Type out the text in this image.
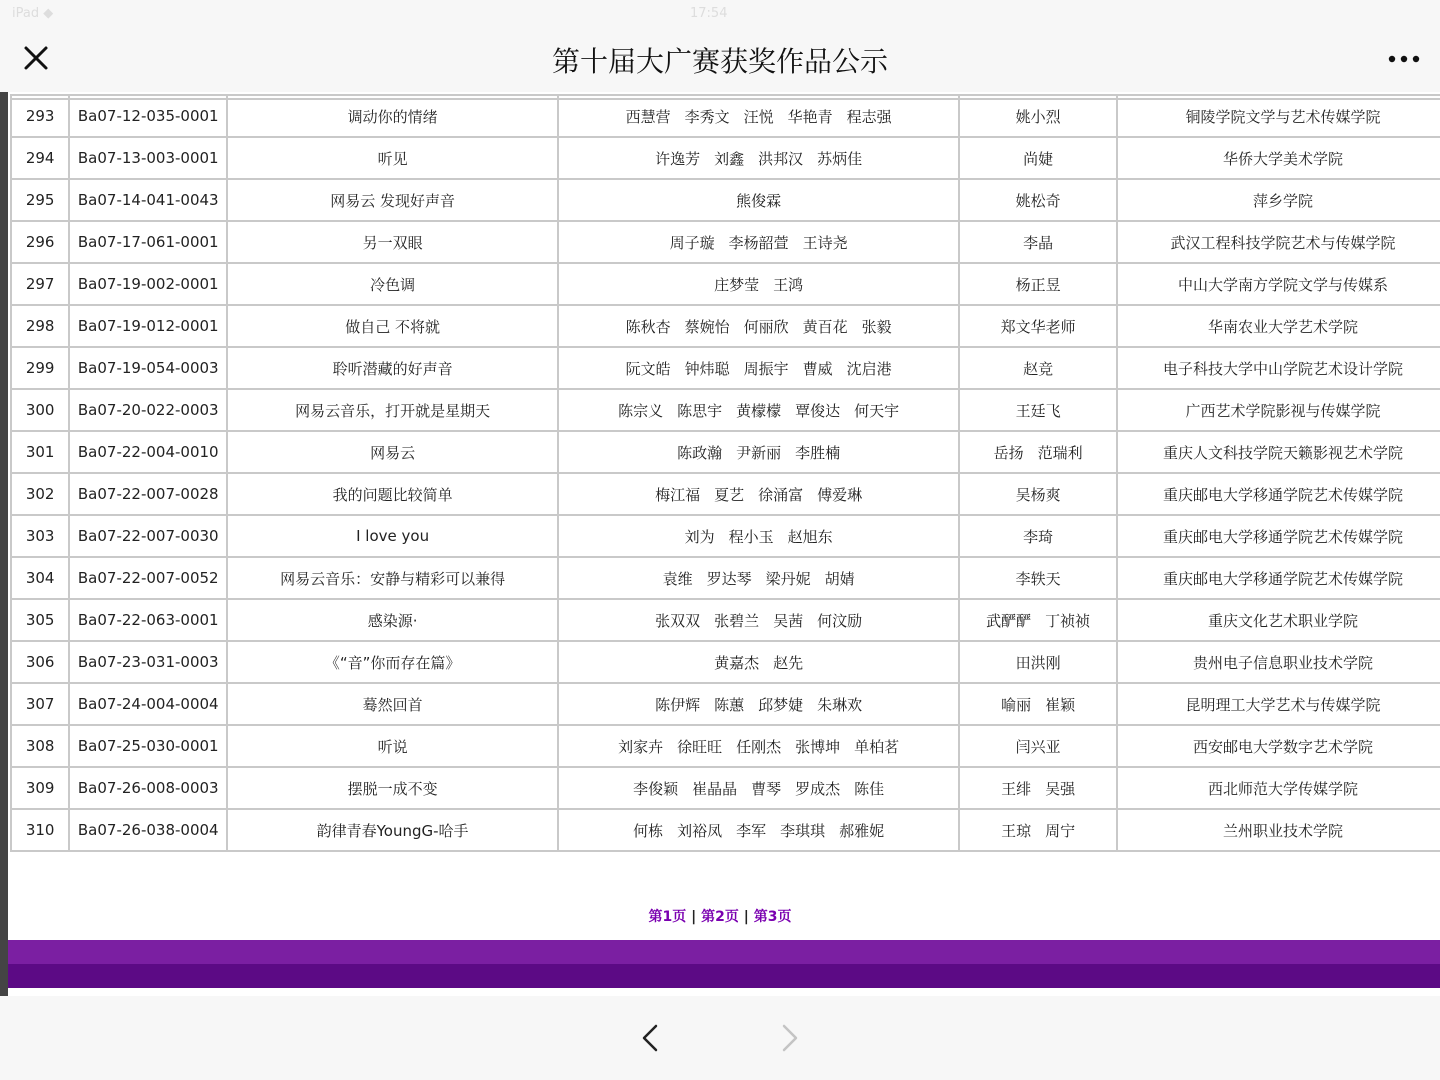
iPad ◆	17:54
第十届大广赛获奖作品公示
293	Ba07-12-035-0001	调动你的情绪	西慧营 李秀文 汪悦 华艳青 程志强	姚小烈	铜陵学院文学与艺术传媒学院
294	Ba07-13-003-0001	听见	许逸芳 刘鑫 洪邦汉 苏炳佳	尚婕	华侨大学美术学院
295	Ba07-14-041-0043	网易云 发现好声音	熊俊霖	姚松奇	萍乡学院
296	Ba07-17-061-0001	另一双眼	周子璇 李杨韶萱 王诗尧	李晶	武汉工程科技学院艺术与传媒学院
297	Ba07-19-002-0001	冷色调	庄梦莹 王鸿	杨正昱	中山大学南方学院文学与传媒系
298	Ba07-19-012-0001	做自己 不将就	陈秋杏 蔡婉怡 何丽欣 黄百花 张毅	郑文华老师	华南农业大学艺术学院
299	Ba07-19-054-0003	聆听潜藏的好声音	阮文皓 钟炜聪 周振宇 曹威 沈启港	赵竞	电子科技大学中山学院艺术设计学院
300	Ba07-20-022-0003	网易云音乐，打开就是星期天	陈宗义 陈思宇 黄檬檬 覃俊达 何天宇	王廷飞	广西艺术学院影视与传媒学院
301	Ba07-22-004-0010	网易云	陈政瀚 尹新丽 李胜楠	岳扬 范瑞利	重庆人文科技学院天籁影视艺术学院
302	Ba07-22-007-0028	我的问题比较简单	梅江福 夏艺 徐涌富 傅爱琳	吴杨爽	重庆邮电大学移通学院艺术传媒学院
303	Ba07-22-007-0030	I love you	刘为 程小玉 赵旭东	李琦	重庆邮电大学移通学院艺术传媒学院
304	Ba07-22-007-0052	网易云音乐：安静与精彩可以兼得	袁维 罗达琴 梁丹妮 胡婧	李轶天	重庆邮电大学移通学院艺术传媒学院
305	Ba07-22-063-0001	感染源·	张双双 张碧兰 吴茜 何汶励	武酽酽 丁祯祯	重庆文化艺术职业学院
306	Ba07-23-031-0003	《“音”你而存在篇》	黄嘉杰 赵先	田洪刚	贵州电子信息职业技术学院
307	Ba07-24-004-0004	蓦然回首	陈伊辉 陈蕙 邱梦婕 朱琳欢	喻丽 崔颖	昆明理工大学艺术与传媒学院
308	Ba07-25-030-0001	听说	刘家卉 徐旺旺 任刚杰 张博坤 单柏茗	闫兴亚	西安邮电大学数字艺术学院
309	Ba07-26-008-0003	摆脱一成不变	李俊颖 崔晶晶 曹琴 罗成杰 陈佳	王绯 吴强	西北师范大学传媒学院
310	Ba07-26-038-0004	韵律青春YoungG-哈手	何栋 刘裕凤 李军 李琪琪 郝雅妮	王琼 周宁	兰州职业技术学院
第1页 | 第2页 | 第3页
